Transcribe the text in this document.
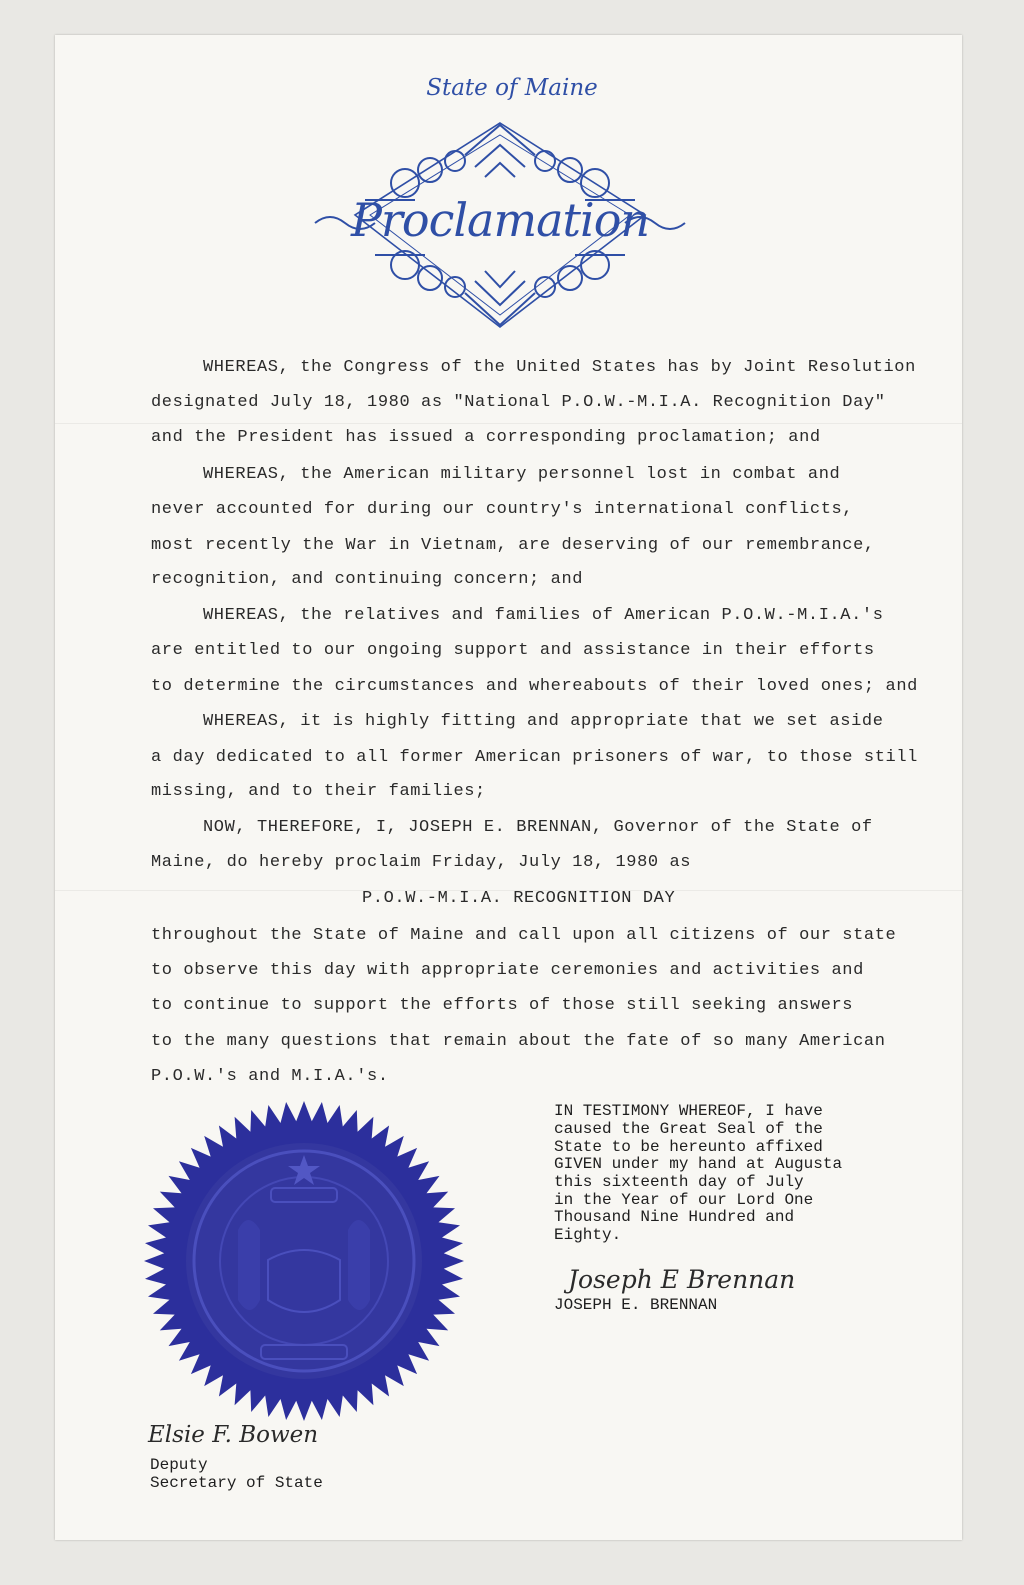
State of Maine
Proclamation
WHEREAS, the Congress of the United States has by Joint Resolution
designated July 18, 1980 as "National P.O.W.-M.I.A. Recognition Day"
and the President has issued a corresponding proclamation; and
WHEREAS, the American military personnel lost in combat and
never accounted for during our country's international conflicts,
most recently the War in Vietnam, are deserving of our remembrance,
recognition, and continuing concern; and
WHEREAS, the relatives and families of American P.O.W.-M.I.A.'s
are entitled to our ongoing support and assistance in their efforts
to determine the circumstances and whereabouts of their loved ones; and
WHEREAS, it is highly fitting and appropriate that we set aside
a day dedicated to all former American prisoners of war, to those still
missing, and to their families;
NOW, THEREFORE, I, JOSEPH E. BRENNAN, Governor of the State of
Maine, do hereby proclaim Friday, July 18, 1980 as
P.O.W.-M.I.A. RECOGNITION DAY
throughout the State of Maine and call upon all citizens of our state
to observe this day with appropriate ceremonies and activities and
to continue to support the efforts of those still seeking answers
to the many questions that remain about the fate of so many American
P.O.W.'s and M.I.A.'s.
IN TESTIMONY WHEREOF, I have
caused the Great Seal of the
State to be hereunto affixed
GIVEN under my hand at Augusta
this sixteenth day of July
in the Year of our Lord One
Thousand Nine Hundred and
Eighty.
Joseph E Brennan
JOSEPH E. BRENNAN
Elsie F. Bowen
Deputy
Secretary of State
